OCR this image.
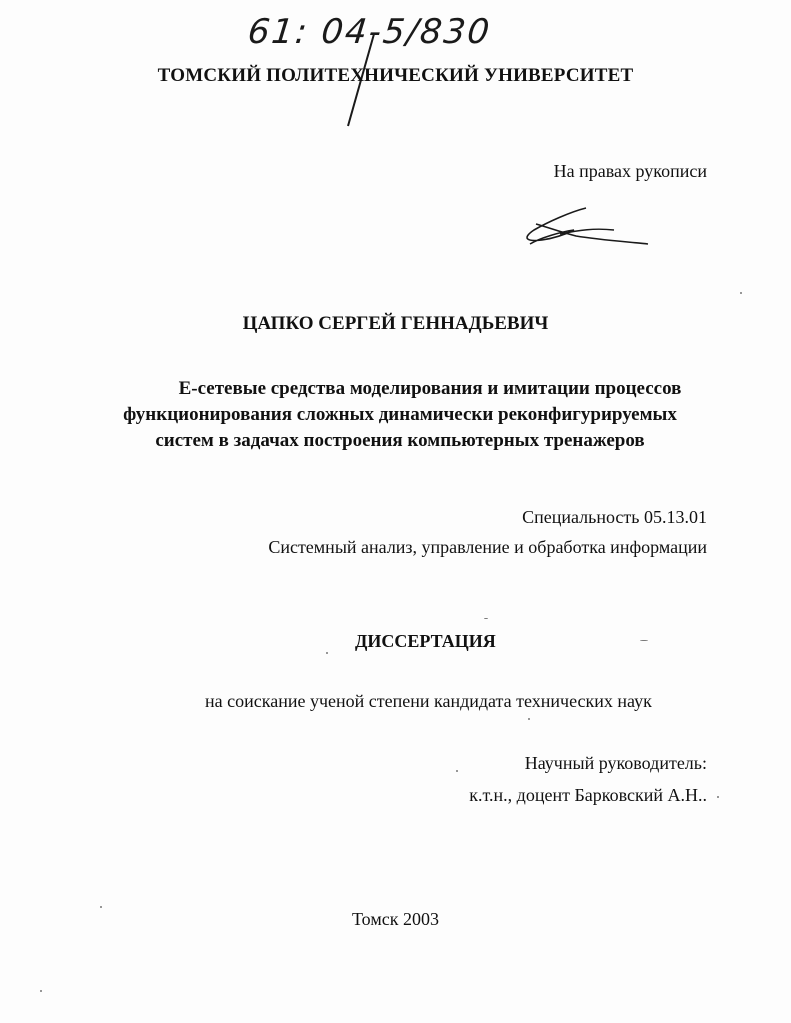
61: 04-5/830
ТОМСКИЙ ПОЛИТЕХНИЧЕСКИЙ УНИВЕРСИТЕТ
На правах рукописи
ЦАПКО СЕРГЕЙ ГЕННАДЬЕВИЧ
Е-сетевые средства моделирования и имитации процессов
функционирования сложных динамически реконфигурируемых
систем в задачах построения компьютерных тренажеров
Специальность 05.13.01
Системный анализ, управление и обработка информации
ДИССЕРТАЦИЯ
на соискание ученой степени кандидата технических наук
Научный руководитель:
к.т.н., доцент Барковский А.Н..
Томск 2003
